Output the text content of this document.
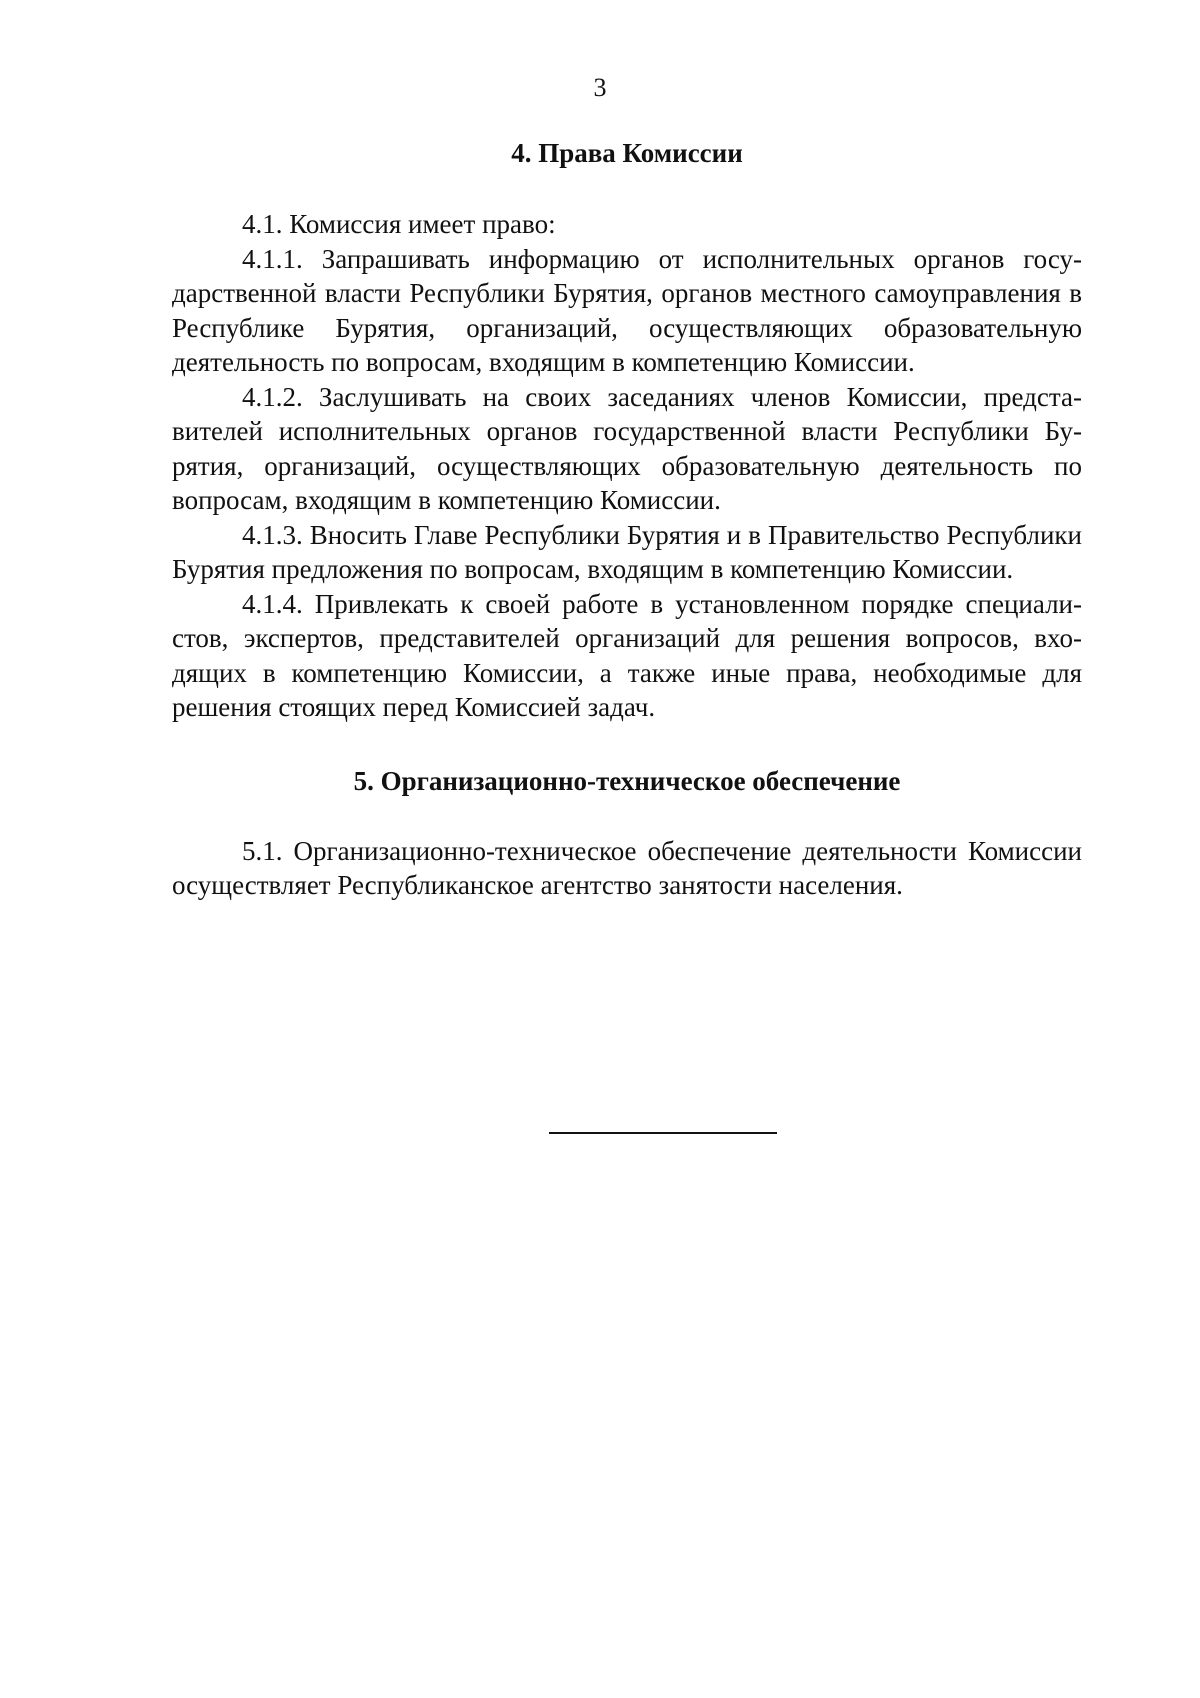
3
4. Права Комиссии

4.1. Комиссия имеет право:

4.1.1. Запрашивать информацию от исполнительных органов государственной власти Республики Бурятия, органов местного самоуправления в Республике Бурятия, организаций, осуществляющих образовательную деятельность по вопросам, входящим в компетенцию Комиссии.

4.1.2. Заслушивать на своих заседаниях членов Комиссии, представителей исполнительных органов государственной власти Республики Бурятия, организаций, осуществляющих образовательную деятельность по вопросам, входящим в компетенцию Комиссии.

4.1.3. Вносить Главе Республики Бурятия и в Правительство Республики Бурятия предложения по вопросам, входящим в компетенцию Комиссии.

4.1.4. Привлекать к своей работе в установленном порядке специалистов, экспертов, представителей организаций для решения вопросов, входящих в компетенцию Комиссии, а также иные права, необходимые для решения стоящих перед Комиссией задач.

5. Организационно-техническое обеспечение

5.1. Организационно-техническое обеспечение деятельности Комиссии осуществляет Республиканское агентство занятости населения.
